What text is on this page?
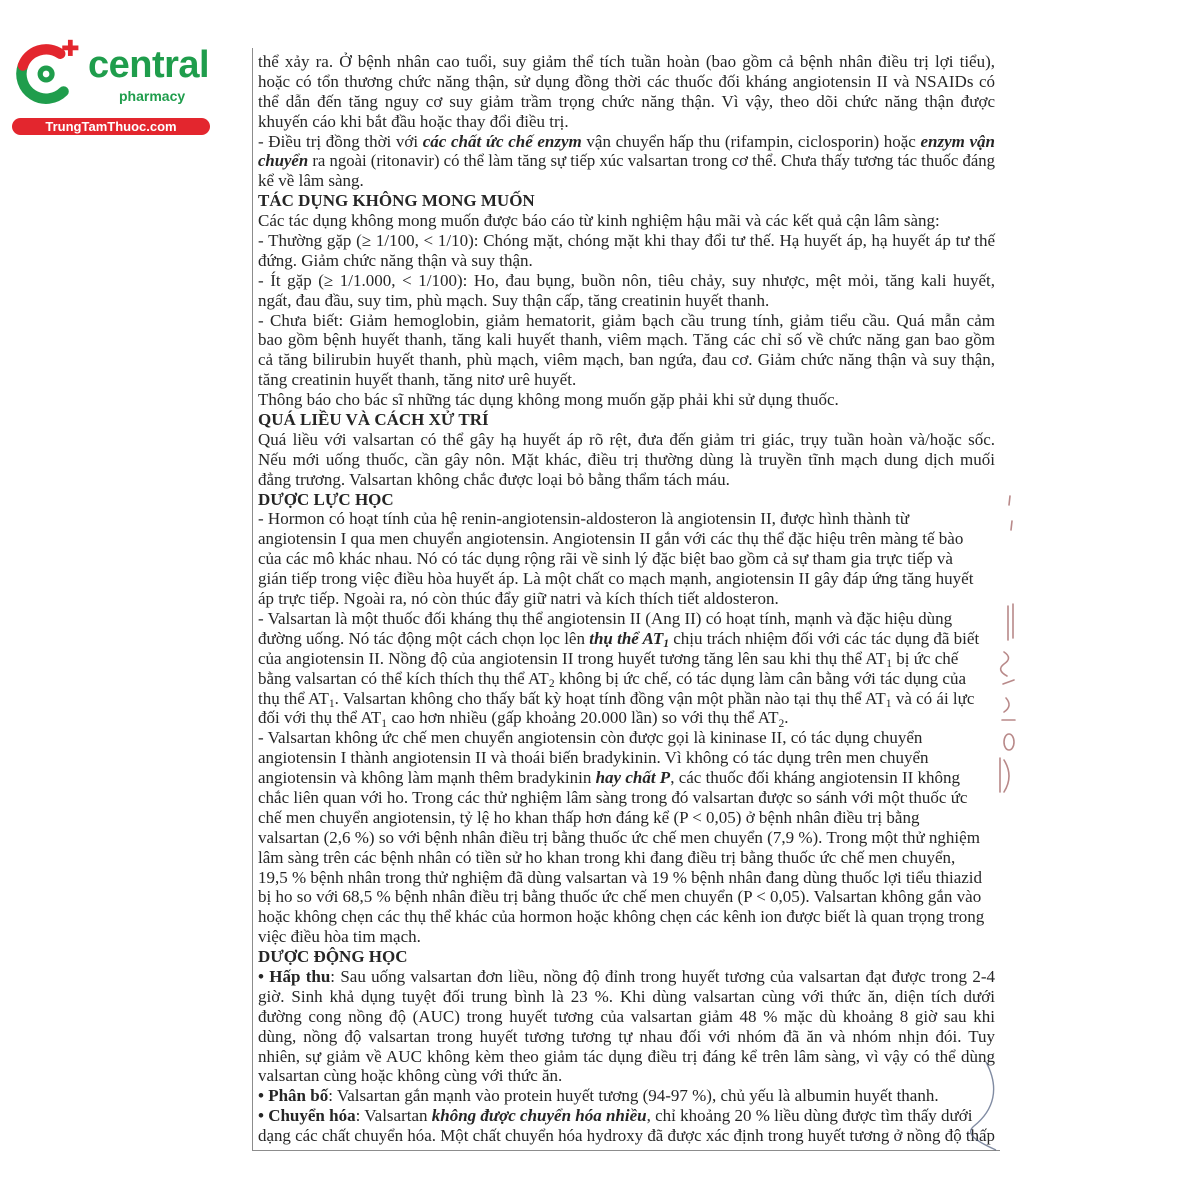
central
pharmacy
TrungTamThuoc.com
thể xảy ra. Ở bệnh nhân cao tuổi, suy giảm thể tích tuần hoàn (bao gồm cả bệnh nhân điều trị lợi tiểu),
hoặc có tổn thương chức năng thận, sử dụng đồng thời các thuốc đối kháng angiotensin II và NSAIDs có
thể dẫn đến tăng nguy cơ suy giảm trầm trọng chức năng thận. Vì vậy, theo dõi chức năng thận được
khuyến cáo khi bắt đầu hoặc thay đổi điều trị.
- Điều trị đồng thời với các chất ức chế enzym vận chuyển hấp thu (rifampin, ciclosporin) hoặc enzym vận
chuyển ra ngoài (ritonavir) có thể làm tăng sự tiếp xúc valsartan trong cơ thể. Chưa thấy tương tác thuốc đáng
kể về lâm sàng.
TÁC DỤNG KHÔNG MONG MUỐN
Các tác dụng không mong muốn được báo cáo từ kinh nghiệm hậu mãi và các kết quả cận lâm sàng:
- Thường gặp (≥ 1/100, < 1/10): Chóng mặt, chóng mặt khi thay đổi tư thế. Hạ huyết áp, hạ huyết áp tư thế
đứng. Giảm chức năng thận và suy thận.
- Ít gặp (≥ 1/1.000, < 1/100): Ho, đau bụng, buồn nôn, tiêu chảy, suy nhược, mệt mỏi, tăng kali huyết,
ngất, đau đầu, suy tim, phù mạch. Suy thận cấp, tăng creatinin huyết thanh.
- Chưa biết: Giảm hemoglobin, giảm hematorit, giảm bạch cầu trung tính, giảm tiểu cầu. Quá mẫn cảm
bao gồm bệnh huyết thanh, tăng kali huyết thanh, viêm mạch. Tăng các chỉ số về chức năng gan bao gồm
cả tăng bilirubin huyết thanh, phù mạch, viêm mạch, ban ngứa, đau cơ. Giảm chức năng thận và suy thận,
tăng creatinin huyết thanh, tăng nitơ urê huyết.
Thông báo cho bác sĩ những tác dụng không mong muốn gặp phải khi sử dụng thuốc.
QUÁ LIỀU VÀ CÁCH XỬ TRÍ
Quá liều với valsartan có thể gây hạ huyết áp rõ rệt, đưa đến giảm tri giác, trụy tuần hoàn và/hoặc sốc.
Nếu mới uống thuốc, cần gây nôn. Mặt khác, điều trị thường dùng là truyền tĩnh mạch dung dịch muối
đẳng trương. Valsartan không chắc được loại bỏ bằng thẩm tách máu.
DƯỢC LỰC HỌC
- Hormon có hoạt tính của hệ renin-angiotensin-aldosteron là angiotensin II, được hình thành từ
angiotensin I qua men chuyển angiotensin. Angiotensin II gắn với các thụ thể đặc hiệu trên màng tế bào
của các mô khác nhau. Nó có tác dụng rộng rãi về sinh lý đặc biệt bao gồm cả sự tham gia trực tiếp và
gián tiếp trong việc điều hòa huyết áp. Là một chất co mạch mạnh, angiotensin II gây đáp ứng tăng huyết
áp trực tiếp. Ngoài ra, nó còn thúc đẩy giữ natri và kích thích tiết aldosteron.
- Valsartan là một thuốc đối kháng thụ thể angiotensin II (Ang II) có hoạt tính, mạnh và đặc hiệu dùng
đường uống. Nó tác động một cách chọn lọc lên thụ thể $AT_1$ chịu trách nhiệm đối với các tác dụng đã biết
của angiotensin II. Nồng độ của angiotensin II trong huyết tương tăng lên sau khi thụ thể $AT_1$ bị ức chế
bằng valsartan có thể kích thích thụ thể $AT_2$ không bị ức chế, có tác dụng làm cân bằng với tác dụng của
thụ thể $AT_1$. Valsartan không cho thấy bất kỳ hoạt tính đồng vận một phần nào tại thụ thể $AT_1$ và có ái lực
đối với thụ thể $AT_1$ cao hơn nhiều (gấp khoảng 20.000 lần) so với thụ thể $AT_2$.
- Valsartan không ức chế men chuyển angiotensin còn được gọi là kininase II, có tác dụng chuyển
angiotensin I thành angiotensin II và thoái biến bradykinin. Vì không có tác dụng trên men chuyển
angiotensin và không làm mạnh thêm bradykinin hay chất P, các thuốc đối kháng angiotensin II không
chắc liên quan với ho. Trong các thử nghiệm lâm sàng trong đó valsartan được so sánh với một thuốc ức
chế men chuyển angiotensin, tỷ lệ ho khan thấp hơn đáng kể (P < 0,05) ở bệnh nhân điều trị bằng
valsartan (2,6 %) so với bệnh nhân điều trị bằng thuốc ức chế men chuyển (7,9 %). Trong một thử nghiệm
lâm sàng trên các bệnh nhân có tiền sử ho khan trong khi đang điều trị bằng thuốc ức chế men chuyển,
19,5 % bệnh nhân trong thử nghiệm đã dùng valsartan và 19 % bệnh nhân đang dùng thuốc lợi tiểu thiazid
bị ho so với 68,5 % bệnh nhân điều trị bằng thuốc ức chế men chuyển (P < 0,05). Valsartan không gắn vào
hoặc không chẹn các thụ thể khác của hormon hoặc không chẹn các kênh ion được biết là quan trọng trong
việc điều hòa tim mạch.
DƯỢC ĐỘNG HỌC
• Hấp thu: Sau uống valsartan đơn liều, nồng độ đỉnh trong huyết tương của valsartan đạt được trong 2-4
giờ. Sinh khả dụng tuyệt đối trung bình là 23 %. Khi dùng valsartan cùng với thức ăn, diện tích dưới
đường cong nồng độ (AUC) trong huyết tương của valsartan giảm 48 % mặc dù khoảng 8 giờ sau khi
dùng, nồng độ valsartan trong huyết tương tương tự nhau đối với nhóm đã ăn và nhóm nhịn đói. Tuy
nhiên, sự giảm về AUC không kèm theo giảm tác dụng điều trị đáng kể trên lâm sàng, vì vậy có thể dùng
valsartan cùng hoặc không cùng với thức ăn.
• Phân bố: Valsartan gắn mạnh vào protein huyết tương (94-97 %), chủ yếu là albumin huyết thanh.
• Chuyển hóa: Valsartan không được chuyển hóa nhiều, chỉ khoảng 20 % liều dùng được tìm thấy dưới
dạng các chất chuyển hóa. Một chất chuyển hóa hydroxy đã được xác định trong huyết tương ở nồng độ thấp
